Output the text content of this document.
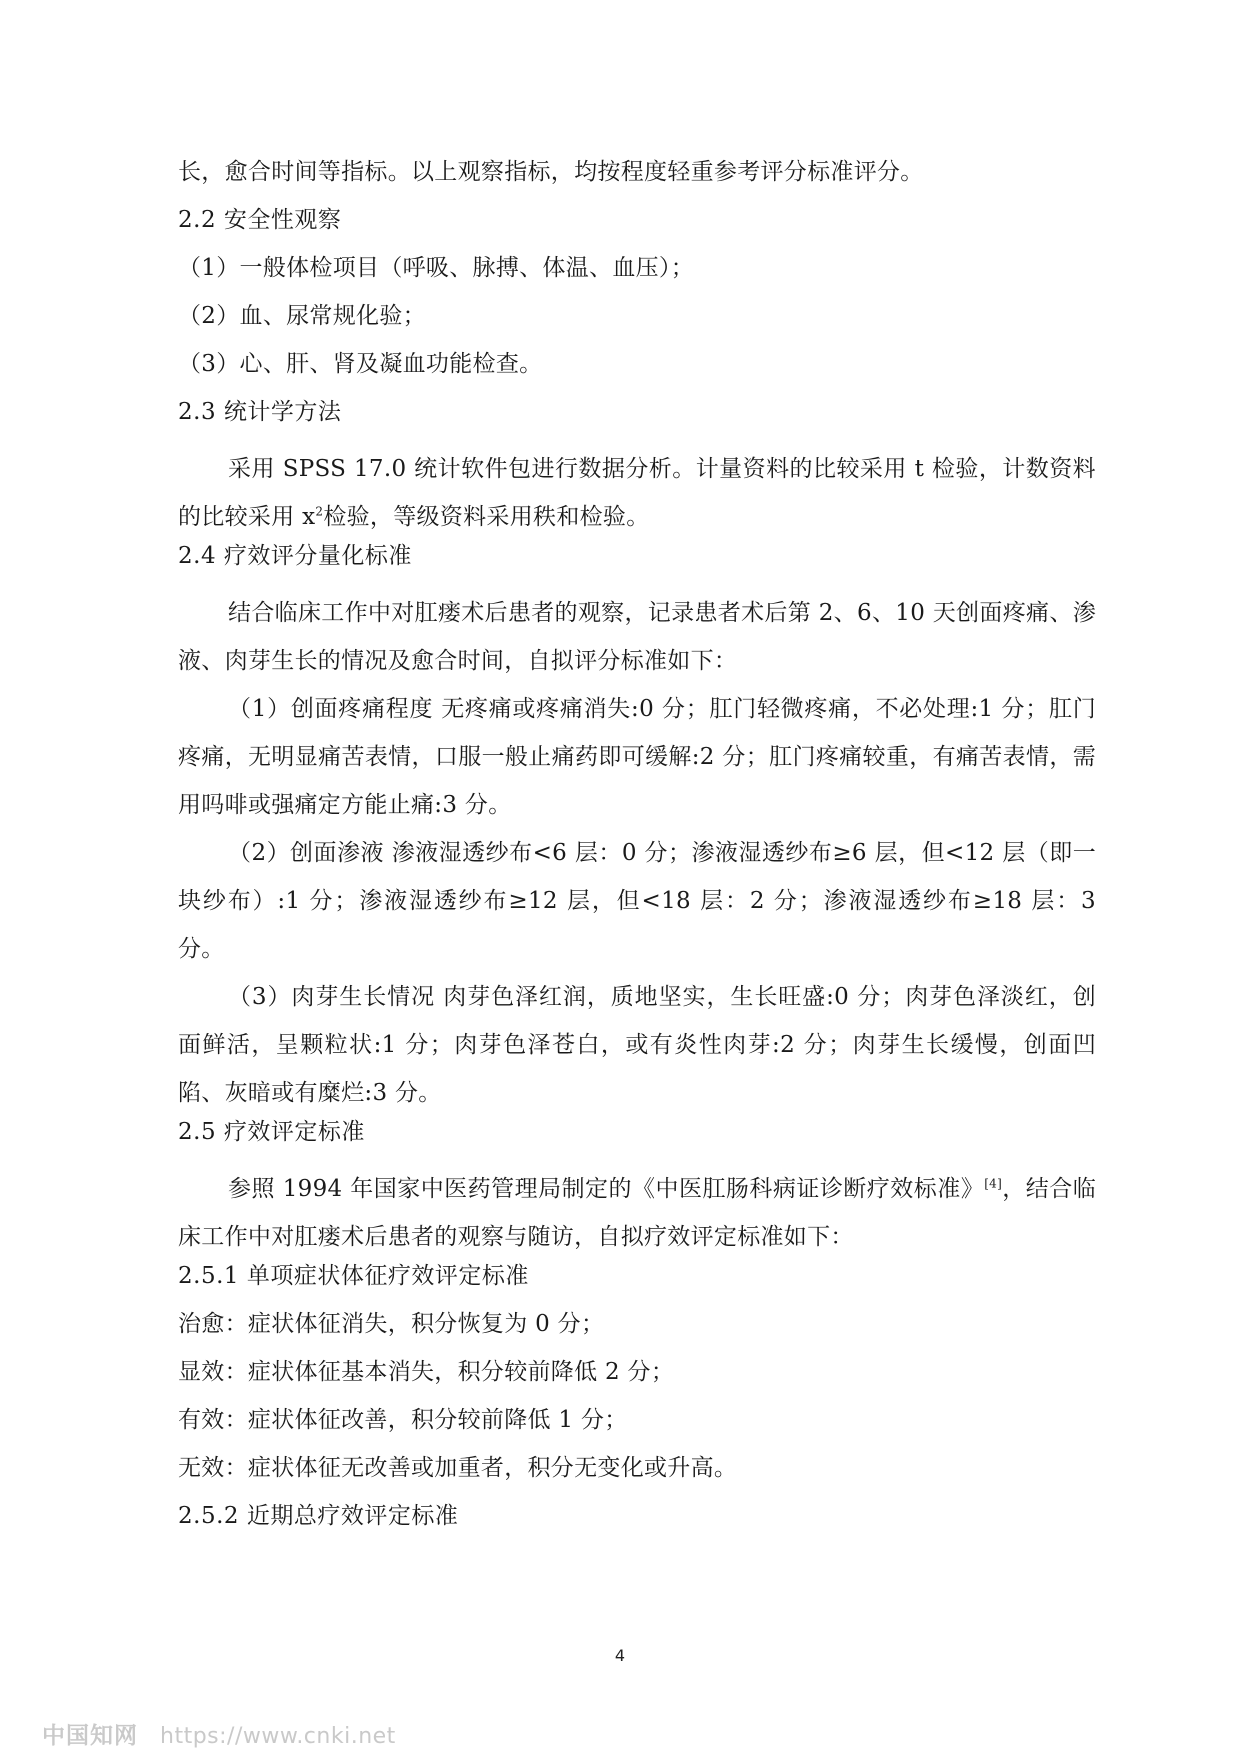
长，愈合时间等指标。以上观察指标，均按程度轻重参考评分标准评分。
2.2 安全性观察
（1）一般体检项目（呼吸、脉搏、体温、血压）；
（2）血、尿常规化验；
（3）心、肝、肾及凝血功能检查。
2.3 统计学方法

采用 SPSS 17.0 统计软件包进行数据分析。计量资料的比较采用 t 检验，计数资料的比较采用 $x^2$检验，等级资料采用秩和检验。

2.4 疗效评分量化标准

结合临床工作中对肛瘘术后患者的观察，记录患者术后第 2、6、10 天创面疼痛、渗液、肉芽生长的情况及愈合时间，自拟评分标准如下：

（1）创面疼痛程度 无疼痛或疼痛消失:0 分；肛门轻微疼痛，不必处理:1 分；肛门疼痛，无明显痛苦表情，口服一般止痛药即可缓解:2 分；肛门疼痛较重，有痛苦表情，需用吗啡或强痛定方能止痛:3 分。

（2）创面渗液 渗液湿透纱布<6 层：0 分；渗液湿透纱布≥6 层，但<12 层（即一块纱布）:1 分；渗液湿透纱布≥12 层，但<18 层：2 分；渗液湿透纱布≥18 层：3 分。

（3）肉芽生长情况 肉芽色泽红润，质地坚实，生长旺盛:0 分；肉芽色泽淡红，创面鲜活，呈颗粒状:1 分；肉芽色泽苍白，或有炎性肉芽:2 分；肉芽生长缓慢，创面凹陷、灰暗或有糜烂:3 分。

2.5 疗效评定标准

参照 1994 年国家中医药管理局制定的《中医肛肠科病证诊断疗效标准》[4]，结合临床工作中对肛瘘术后患者的观察与随访，自拟疗效评定标准如下：

2.5.1 单项症状体征疗效评定标准
治愈：症状体征消失，积分恢复为 0 分；
显效：症状体征基本消失，积分较前降低 2 分；
有效：症状体征改善，积分较前降低 1 分；
无效：症状体征无改善或加重者，积分无变化或升高。
2.5.2 近期总疗效评定标准
4
中国知网 https://www.cnki.net
